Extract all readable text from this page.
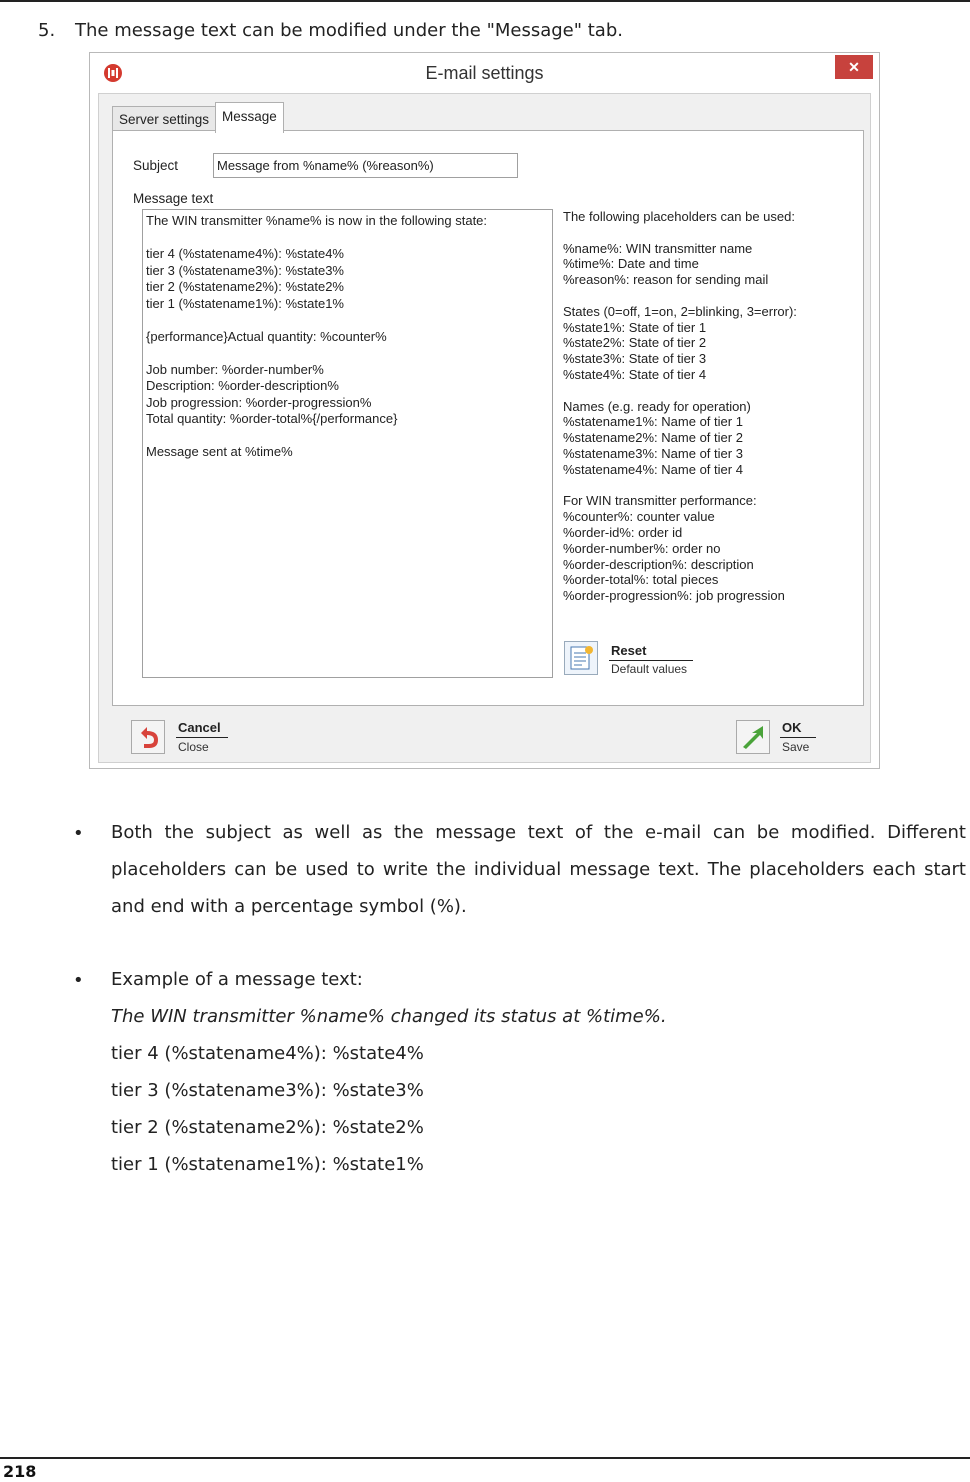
5. The message text can be modified under the "Message" tab.
E-mail settings	✕
Server settings Message
Subject	Message from %name% (%reason%)
Message text
The WIN transmitter %name% is now in the following state:

tier 4 (%statename4%): %state4%
tier 3 (%statename3%): %state3%
tier 2 (%statename2%): %state2%
tier 1 (%statename1%): %state1%

{performance}Actual quantity: %counter%

Job number: %order-number%
Description: %order-description%
Job progression: %order-progression%
Total quantity: %order-total%{/performance}

Message sent at %time%
The following placeholders can be used:

%name%: WIN transmitter name
%time%: Date and time
%reason%: reason for sending mail

States (0=off, 1=on, 2=blinking, 3=error):
%state1%: State of tier 1
%state2%: State of tier 2
%state3%: State of tier 3
%state4%: State of tier 4

Names (e.g. ready for operation)
%statename1%: Name of tier 1
%statename2%: Name of tier 2
%statename3%: Name of tier 3
%statename4%: Name of tier 4

For WIN transmitter performance:
%counter%: counter value
%order-id%: order id
%order-number%: order no
%order-description%: description
%order-total%: total pieces
%order-progression%: job progression
Reset
Default values
Cancel
Close
OK
Save
• Both the subject as well as the message text of the e-mail can be modified. Different placeholders can be used to write the individual message text. The placeholders each start and end with a percentage symbol (%).
• Example of a message text:
The WIN transmitter %name% changed its status at %time%.
tier 4 (%statename4%): %state4%
tier 3 (%statename3%): %state3%
tier 2 (%statename2%): %state2%
tier 1 (%statename1%): %state1%
218
